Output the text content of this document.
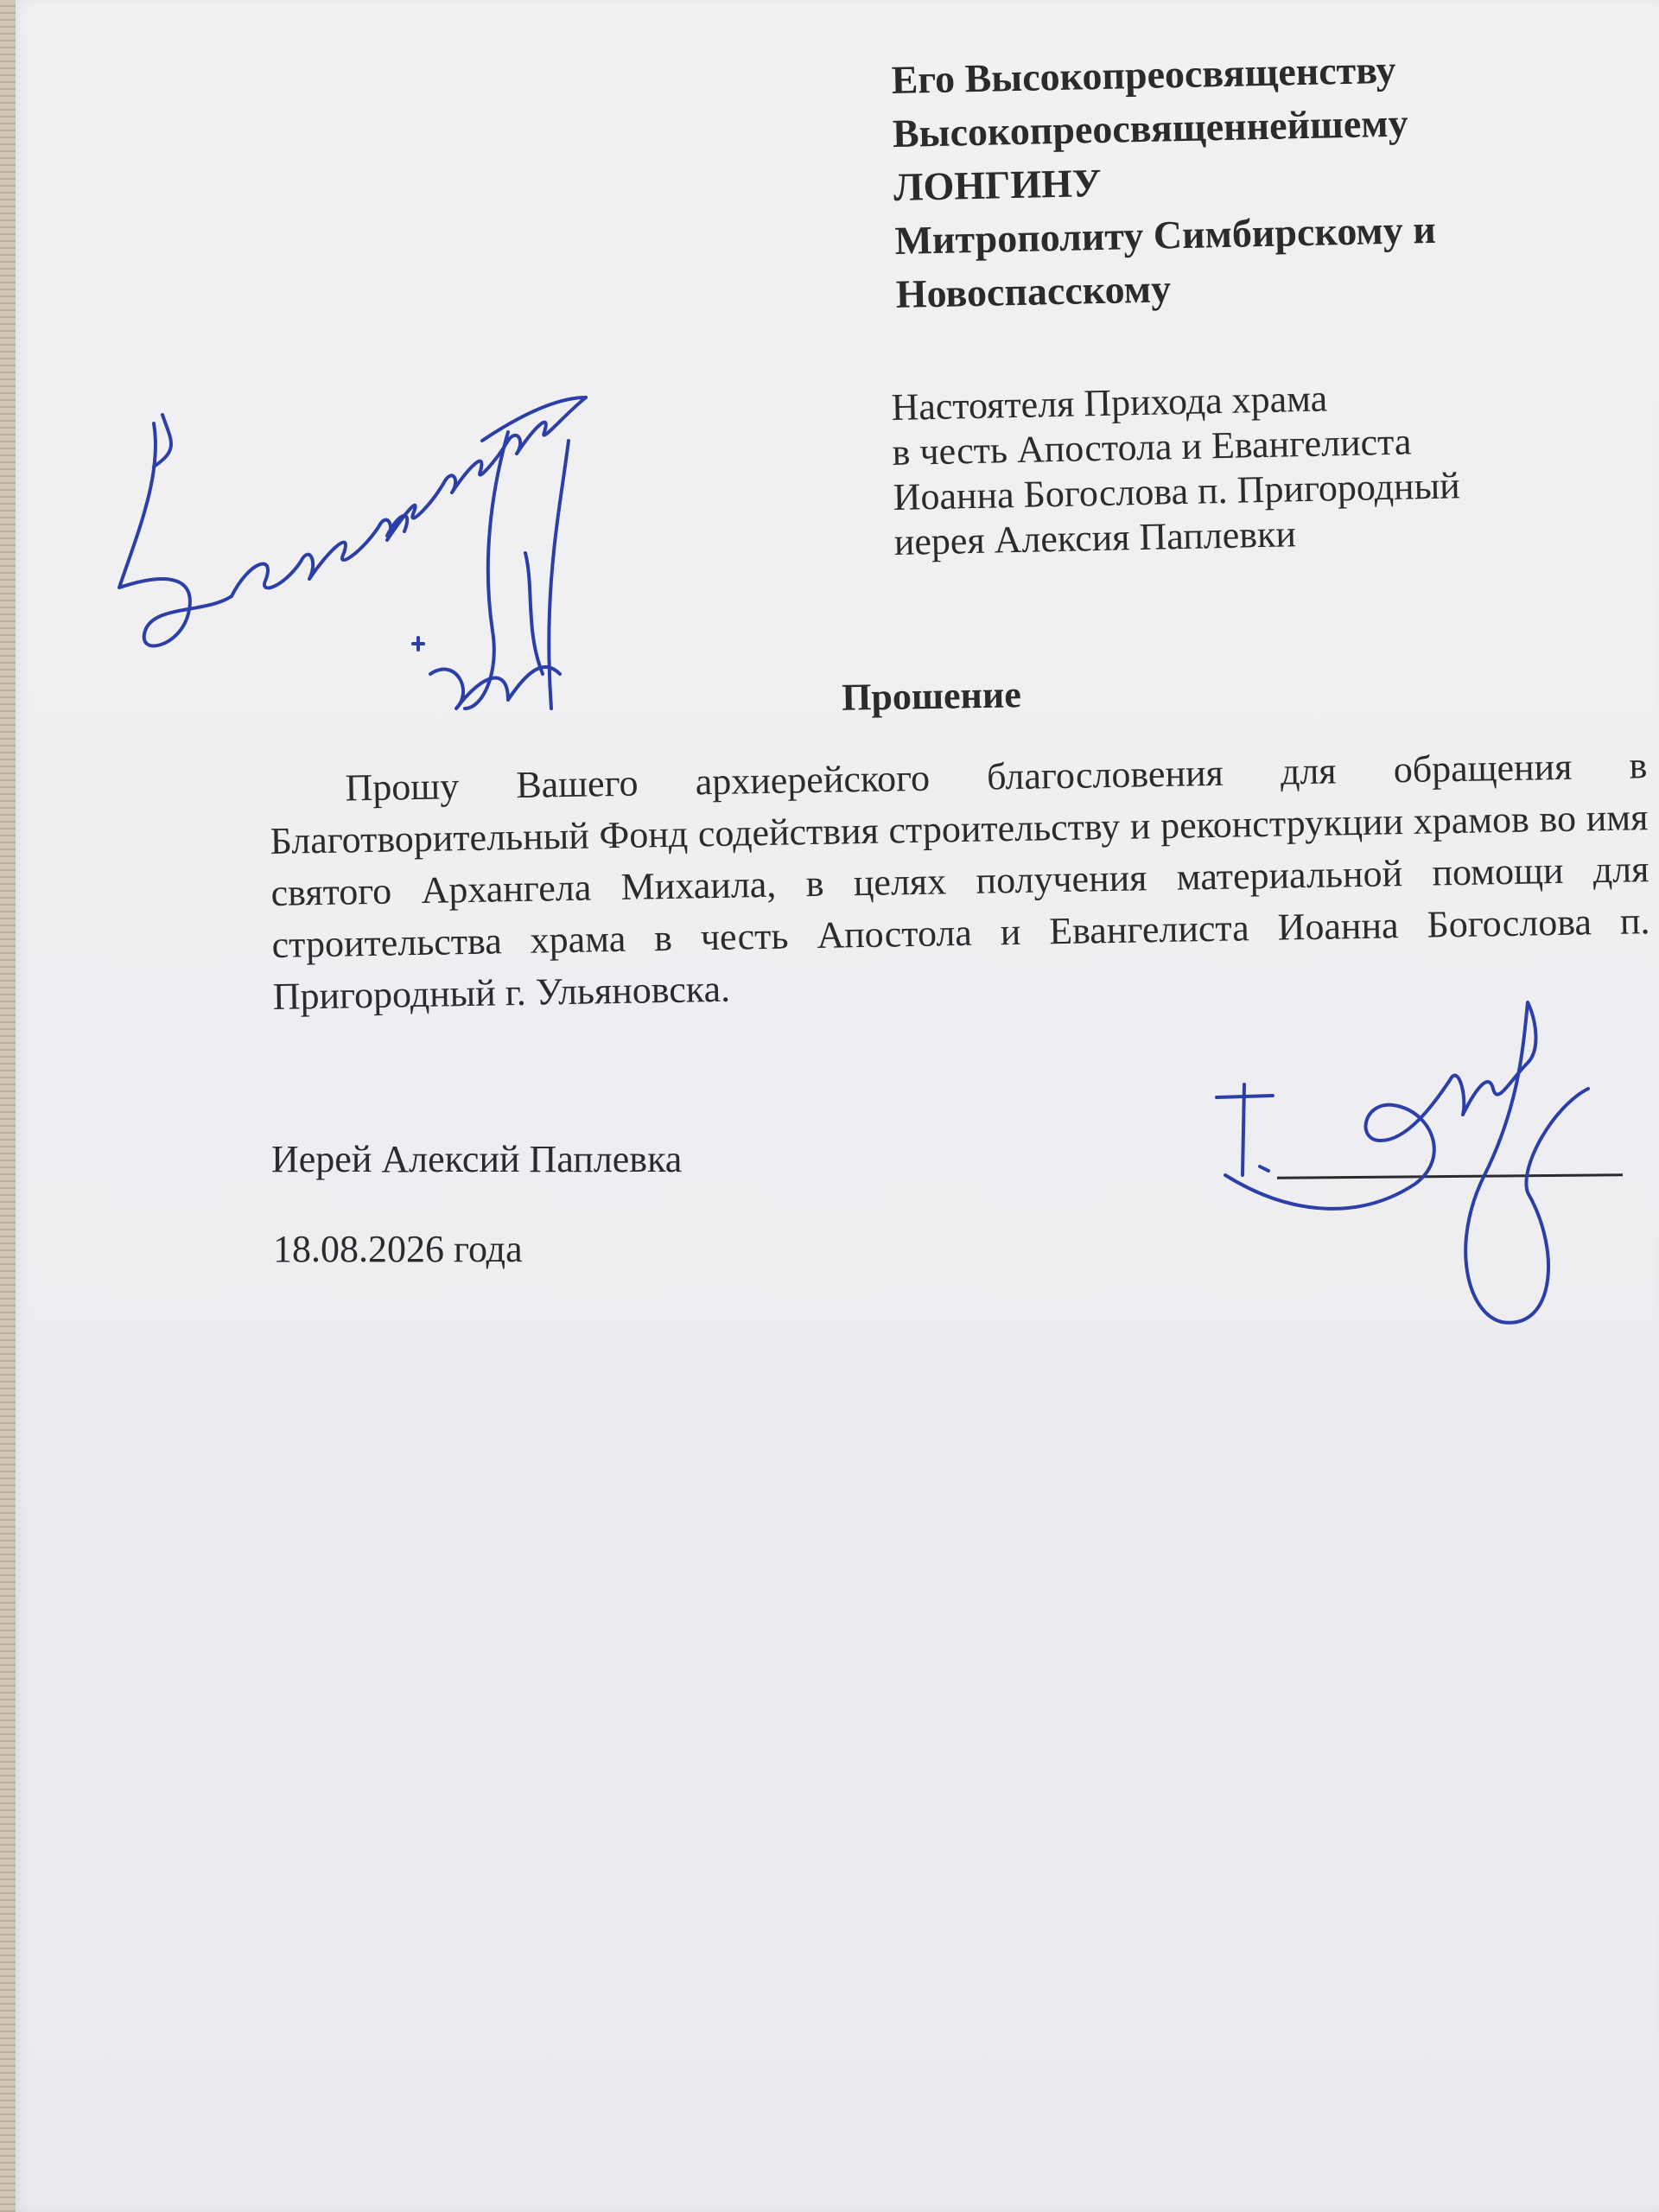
Его Высокопреосвященству
Высокопреосвященнейшему
ЛОНГИНУ
Митрополиту Симбирскому и
Новоспасскому
Настоятеля Прихода храма
в честь Апостола и Евангелиста
Иоанна Богослова п. Пригородный
иерея Алексия Паплевки
Прошение
Прошу Вашего архиерейского благословения для обращения в Благотворительный Фонд содействия строительству и реконструкции храмов во имя святого Архангела Михаила, в целях получения материальной помощи для строительства храма в честь Апостола и Евангелиста Иоанна Богослова п. Пригородный г. Ульяновска.
Иерей Алексий Паплевка
18.08.2026 года
